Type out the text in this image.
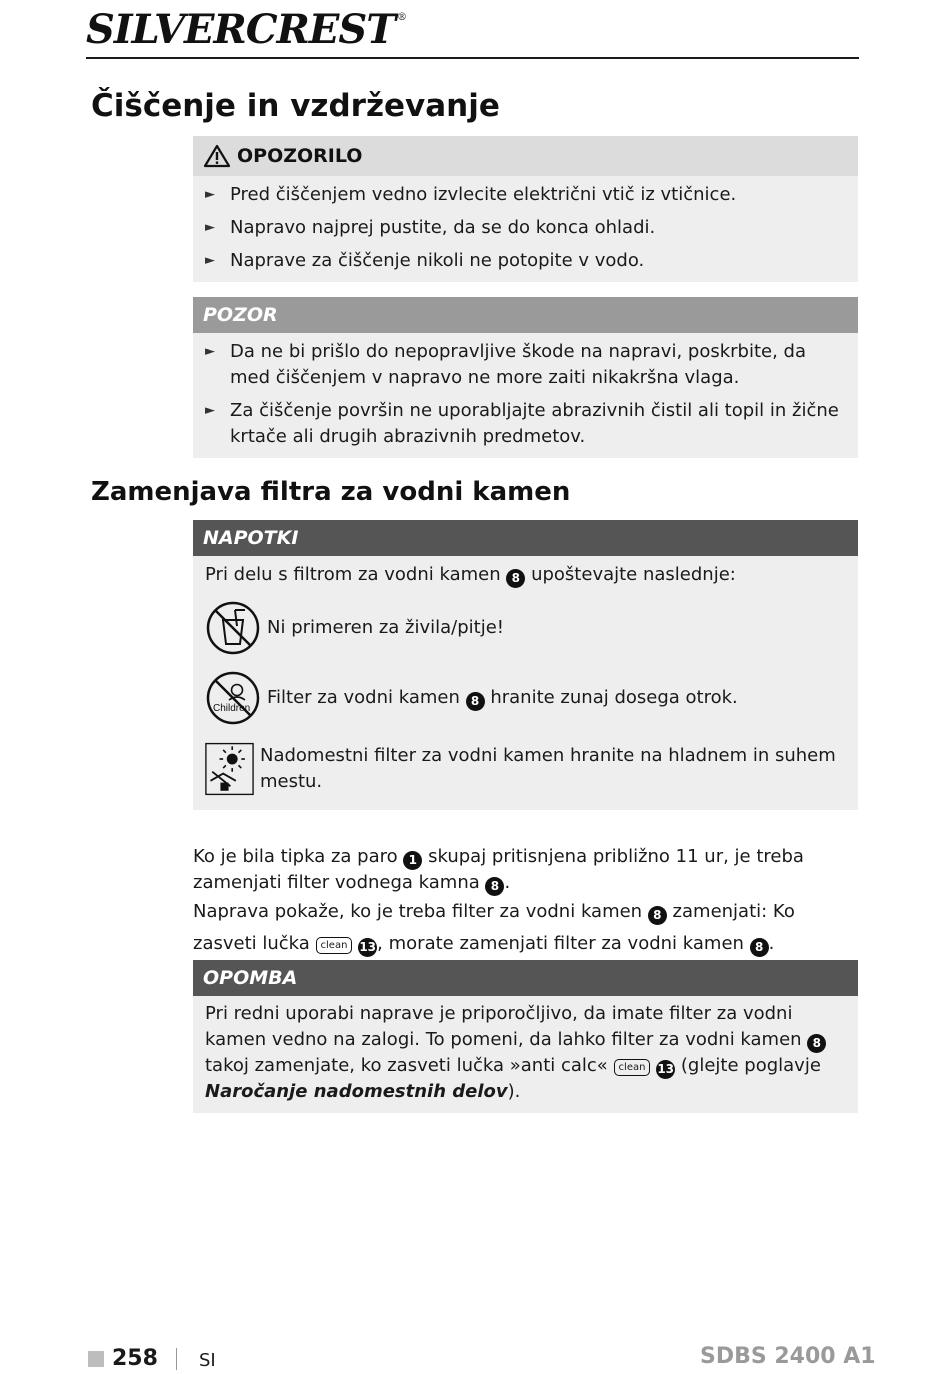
SILVERCREST ®
Čiščenje in vzdrževanje
OPOZORILO
► Pred čiščenjem vedno izvlecite električni vtič iz vtičnice.
► Napravo najprej pustite, da se do konca ohladi.
► Naprave za čiščenje nikoli ne potopite v vodo.
POZOR
► Da ne bi prišlo do nepopravljive škode na napravi, poskrbite, da med čiščenjem v napravo ne more zaiti nikakršna vlaga.
► Za čiščenje površin ne uporabljajte abrazivnih čistil ali topil in žične krtače ali drugih abrazivnih predmetov.
Zamenjava filtra za vodni kamen
NAPOTKI
Pri delu s filtrom za vodni kamen 8 upoštevajte naslednje:
Ni primeren za živila/pitje!
Children
Filter za vodni kamen 8 hranite zunaj dosega otrok.
Nadomestni filter za vodni kamen hranite na hladnem in suhem mestu.
Ko je bila tipka za paro 1 skupaj pritisnjena približno 11 ur, je treba zamenjati filter vodnega kamna 8 .
Naprava pokaže, ko je treba filter za vodni kamen 8 zamenjati: Ko zasveti lučka clean 13, morate zamenjati filter za vodni kamen 8 .
OPOMBA
Pri redni uporabi naprave je priporočljivo, da imate filter za vodni kamen vedno na zalogi. To pomeni, da lahko filter za vodni kamen 8 takoj zamenjate, ko zasveti lučka »anti calc« clean 13 (glejte poglavje Naročanje nadomestnih delov).
258 SI	SDBS 2400 A1
